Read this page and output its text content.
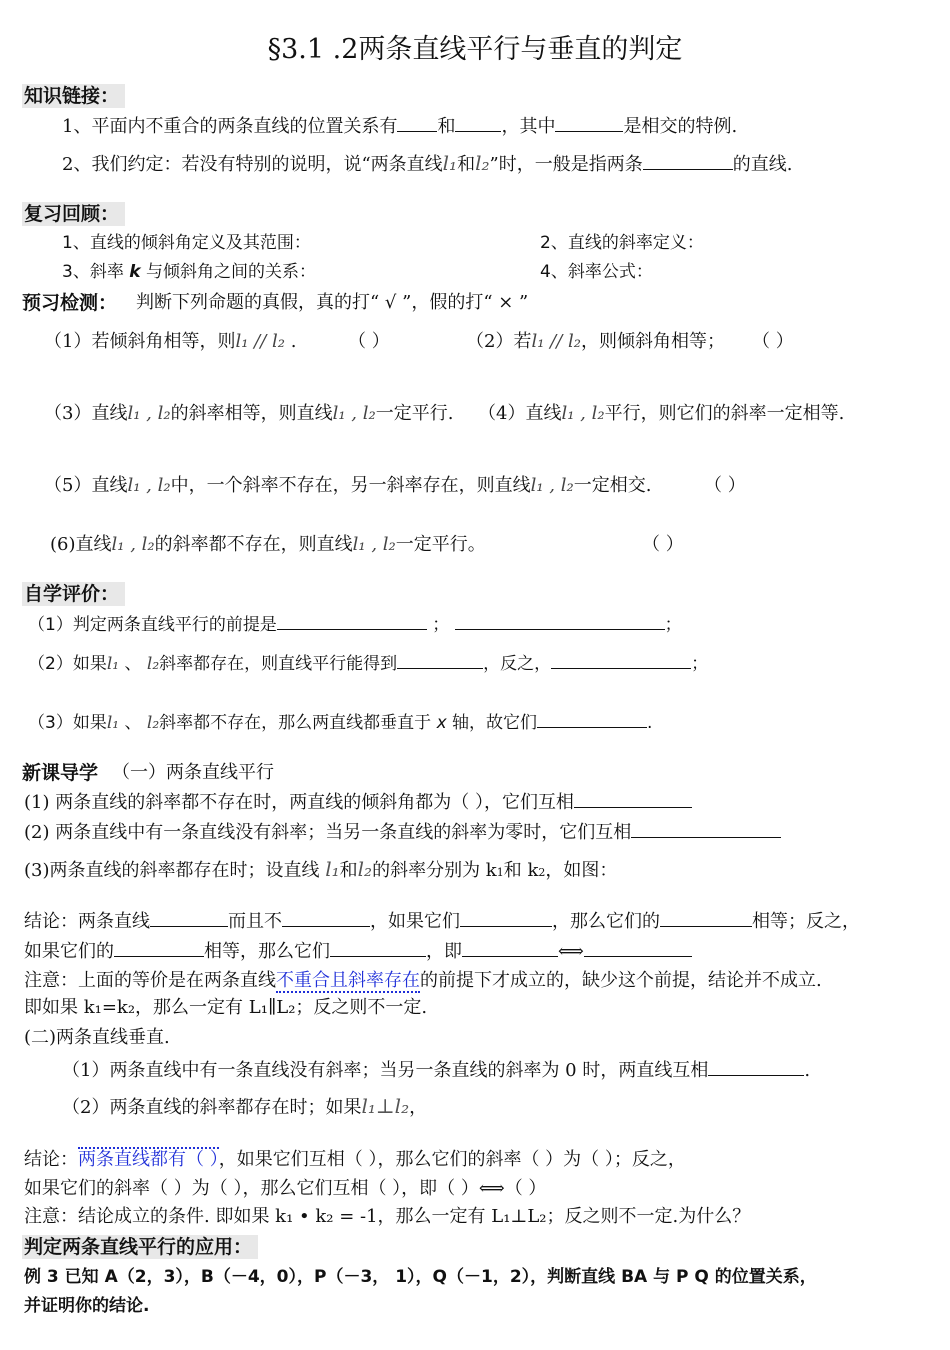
§3.1 .2两条直线平行与垂直的判定
知识链接：
1、平面内不重合的两条直线的位置关系有 和	，其中	是相交的特例.
2、我们约定：若没有特别的说明，说“两条直线l₁和l₂”时，一般是指两条	的直线.
复习回顾：
1、直线的倾斜角定义及其范围：	2、直线的斜率定义：
3、斜率 k 与倾斜角之间的关系：	4、斜率公式：
预习检测： 判断下列命题的真假，真的打“ √ ”，假的打“ × ”
（1）若倾斜角相等，则l₁ // l₂ .	（ ）	（2）若l₁ // l₂，则倾斜角相等； （ ）
（3）直线l₁ , l₂的斜率相等，则直线l₁ , l₂一定平行. （4）直线l₁ , l₂平行，则它们的斜率一定相等.
（5）直线l₁ , l₂中，一个斜率不存在，另一斜率存在，则直线l₁ , l₂一定相交.	（ ）
(6)直线l₁ , l₂的斜率都不存在，则直线l₁ , l₂一定平行。	（ ）
自学评价：
（1）判定两条直线平行的前提是	；	；
（2）如果l₁ 、 l₂斜率都存在，则直线平行能得到	，反之，	；
（3）如果l₁ 、 l₂斜率都不存在，那么两直线都垂直于 x 轴，故它们	.
新课导学 （一）两条直线平行
(1) 两条直线的斜率都不存在时，两直线的倾斜角都为（ ），它们互相
(2) 两条直线中有一条直线没有斜率；当另一条直线的斜率为零时，它们互相
(3)两条直线的斜率都存在时；设直线 l₁和l₂的斜率分别为 k1和 k2，如图：
结论：两条直线	而且不	，如果它们	，那么它们的	相等；反之，
如果它们的	相等，那么它们	，即	⟺
注意：上面的等价是在两条直线不重合且斜率存在的前提下才成立的，缺少这个前提，结论并不成立.
即如果 k₁=k₂，那么一定有 L₁∥L₂；反之则不一定.
(二)两条直线垂直.
（1）两条直线中有一条直线没有斜率；当另一条直线的斜率为 0 时，两直线互相	.
（2）两条直线的斜率都存在时；如果l₁⊥l₂，
结论：两条直线都有（ ），如果它们互相（ ），那么它们的斜率（ ）为（ ）；反之，
如果它们的斜率（ ）为（ ），那么它们互相（ ），即（ ）⟺（ ）
注意：结论成立的条件. 即如果 k₁ • k₂ = -1，那么一定有 L₁⊥L₂；反之则不一定.为什么？
判定两条直线平行的应用：
例 3 已知 A（2，3），B（－4，0），P（－3， 1），Q（－1，2），判断直线 BA 与 P Q 的位置关系，
并证明你的结论.
